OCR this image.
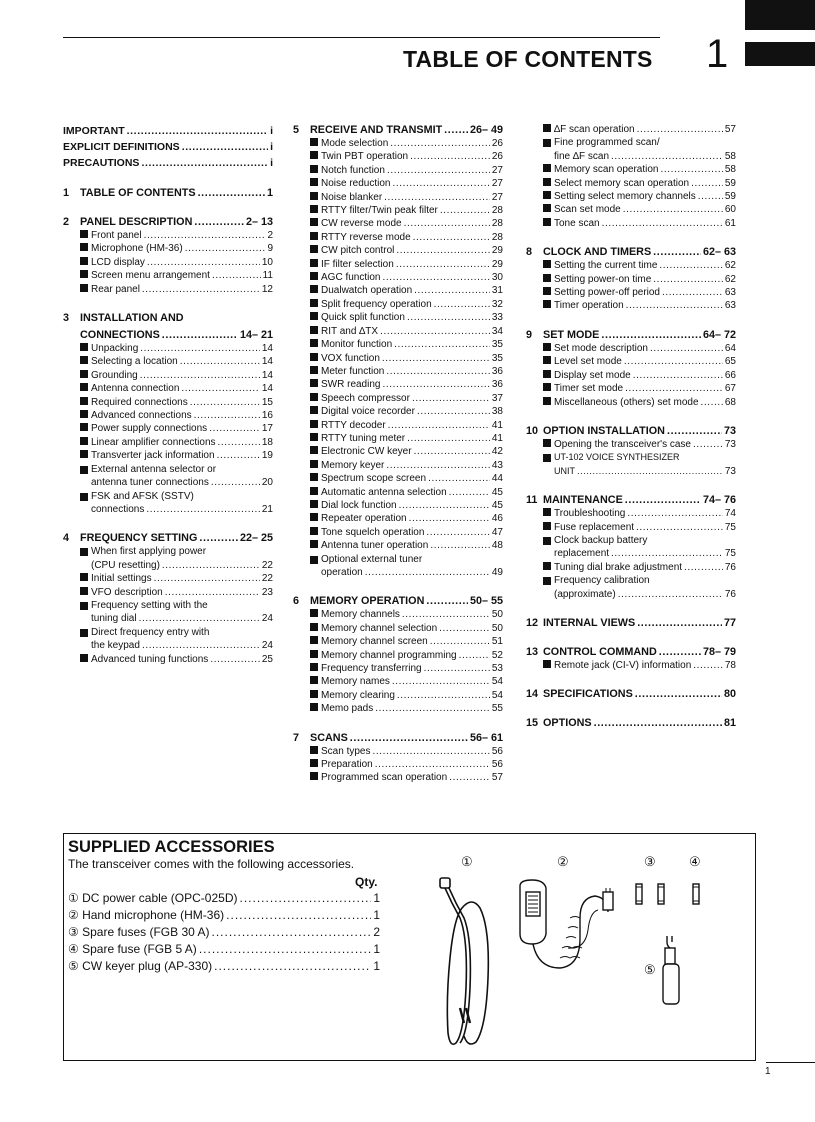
TABLE OF CONTENTS 1
IMPORTANT .....	i
EXPLICIT DEFINITIONS .....	i
PRECAUTIONS .....	i
1 TABLE OF CONTENTS .....	1
2 PANEL DESCRIPTION .....	2– 13
Front panel .....	2
Microphone (HM-36) .....	9
LCD display .....	10
Screen menu arrangement .....	11
Rear panel .....	12
3 INSTALLATION AND
CONNECTIONS .....	14– 21
Unpacking .....	14
Selecting a location .....	14
Grounding .....	14
Antenna connection .....	14
Required connections .....	15
Advanced connections .....	16
Power supply connections .....	17
Linear amplifier connections .....	18
Transverter jack information .....	19
External antenna selector or
antenna tuner connections .....	20
FSK and AFSK (SSTV)
connections .....	21
4 FREQUENCY SETTING .....	22– 25
When first applying power
(CPU resetting) .....	22
Initial settings .....	22
VFO description .....	23
Frequency setting with the
tuning dial .....	24
Direct frequency entry with
the keypad .....	24
Advanced tuning functions .....	25
5 RECEIVE AND TRANSMIT .....	26– 49
Mode selection .....	26
Twin PBT operation .....	26
Notch function .....	27
Noise reduction .....	27
Noise blanker .....	27
RTTY filter/Twin peak filter .....	28
CW reverse mode .....	28
RTTY reverse mode .....	28
CW pitch control .....	29
IF filter selection .....	29
AGC function .....	30
Dualwatch operation .....	31
Split frequency operation .....	32
Quick split function .....	33
RIT and ∆TX .....	34
Monitor function .....	35
VOX function .....	35
Meter function .....	36
SWR reading .....	36
Speech compressor .....	37
Digital voice recorder .....	38
RTTY decoder .....	41
RTTY tuning meter .....	41
Electronic CW keyer .....	42
Memory keyer .....	43
Spectrum scope screen .....	44
Automatic antenna selection .....	45
Dial lock function .....	45
Repeater operation .....	46
Tone squelch operation .....	47
Antenna tuner operation .....	48
Optional external tuner
operation .....	49
6 MEMORY OPERATION .....	50– 55
Memory channels .....	50
Memory channel selection .....	50
Memory channel screen .....	51
Memory channel programming .....	52
Frequency transferring .....	53
Memory names .....	54
Memory clearing .....	54
Memo pads .....	55
7 SCANS .....	56– 61
Scan types .....	56
Preparation .....	56
Programmed scan operation .....	57
∆F scan operation .....	57
Fine programmed scan/
fine ∆F scan .....	58
Memory scan operation .....	58
Select memory scan operation .....	59
Setting select memory channels .....	59
Scan set mode .....	60
Tone scan .....	61
8 CLOCK AND TIMERS .....	62– 63
Setting the current time .....	62
Setting power-on time .....	62
Setting power-off period .....	63
Timer operation .....	63
9 SET MODE .....	64– 72
Set mode description .....	64
Level set mode .....	65
Display set mode .....	66
Timer set mode .....	67
Miscellaneous (others) set mode .....	68
10 OPTION INSTALLATION .....	73
Opening the transceiver's case .....	73
UT-102 VOICE SYNTHESIZER
UNIT .....	73
11 MAINTENANCE .....	74– 76
Troubleshooting .....	74
Fuse replacement .....	75
Clock backup battery
replacement .....	75
Tuning dial brake adjustment .....	76
Frequency calibration
(approximate) .....	76
12 INTERNAL VIEWS .....	77
13 CONTROL COMMAND .....	78– 79
Remote jack (CI-V) information .....	78
14 SPECIFICATIONS .....	80
15 OPTIONS .....	81
SUPPLIED ACCESSORIES
The transceiver comes with the following accessories.
Qty.
① DC power cable (OPC-025D) .....	1
② Hand microphone (HM-36) .....	1
③ Spare fuses (FGB 30 A) .....	2
④ Spare fuse (FGB 5 A) .....	1
⑤ CW keyer plug (AP-330) .....	1
①	②	③	④
⑤
1
